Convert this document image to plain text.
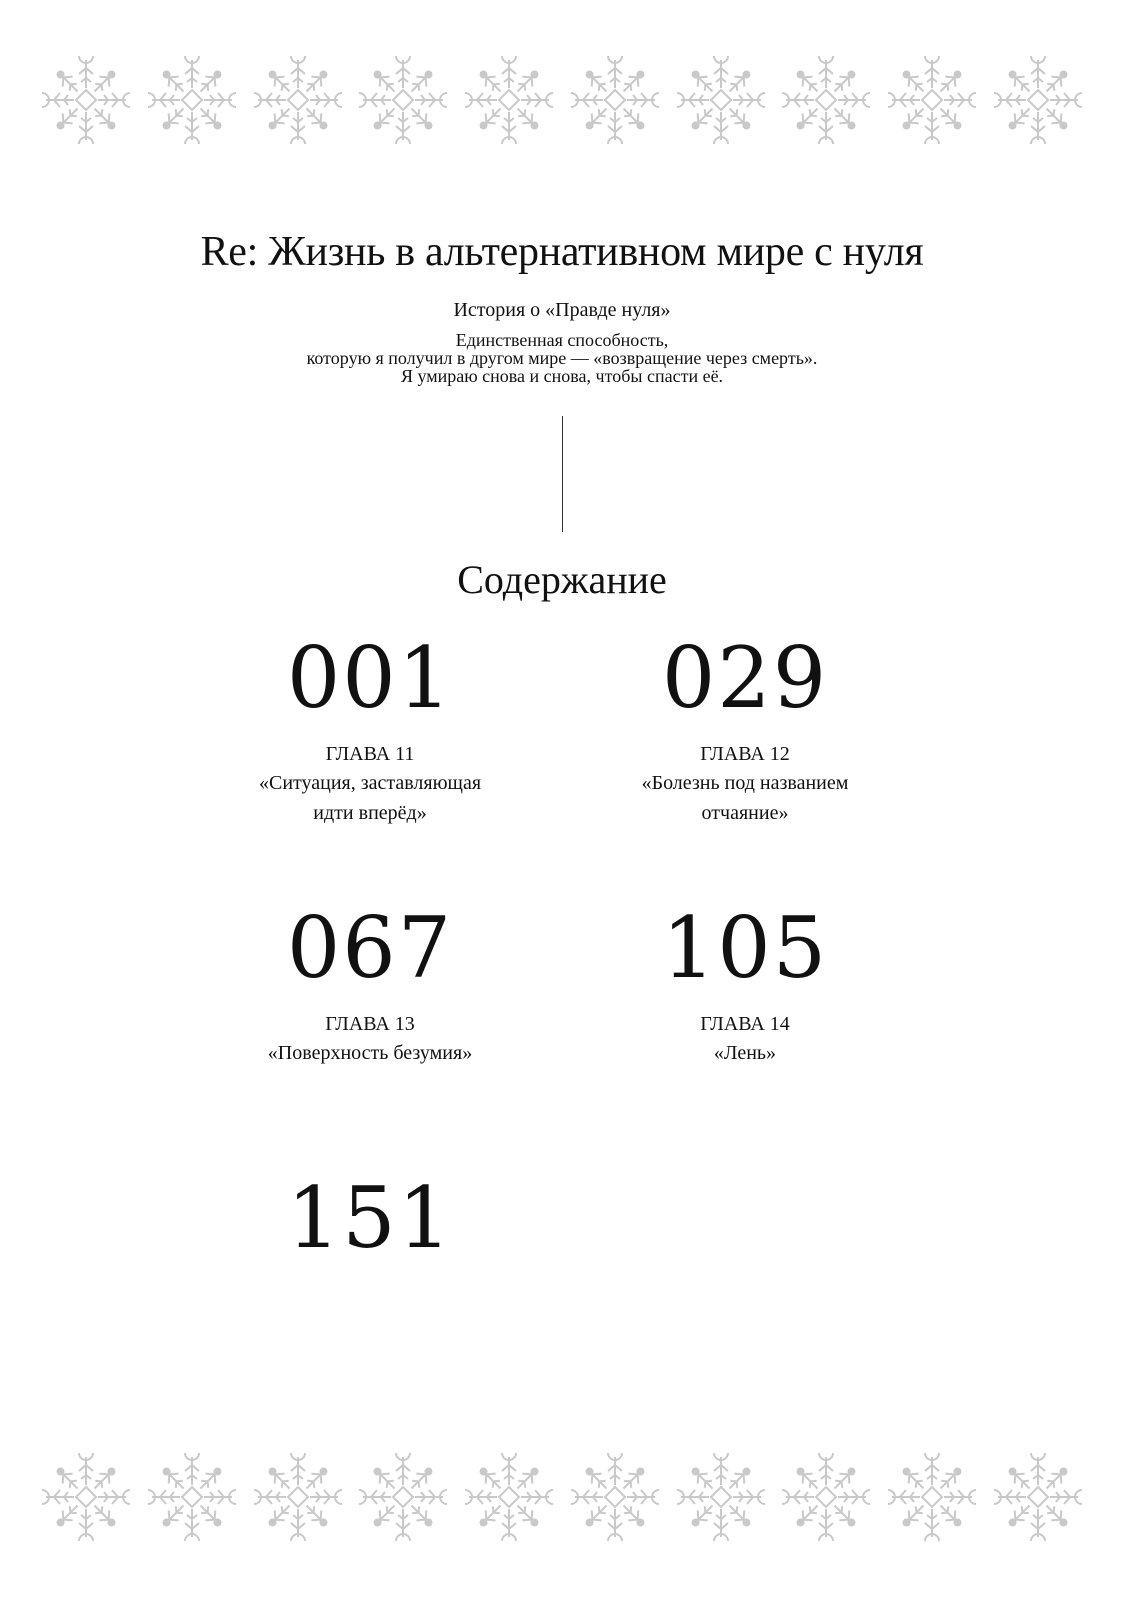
Re: Жизнь в альтернативном мире с нуля
История о «Правде нуля»
Единственная способность,
которую я получил в другом мире — «возвращение через смерть».
Я умираю снова и снова, чтобы спасти её.
Содержание
001
ГЛАВА 11
«Ситуация, заставляющая
идти вперёд»
029
ГЛАВА 12
«Болезнь под названием
отчаяние»
067
ГЛАВА 13
«Поверхность безумия»
105
ГЛАВА 14
«Лень»
151
